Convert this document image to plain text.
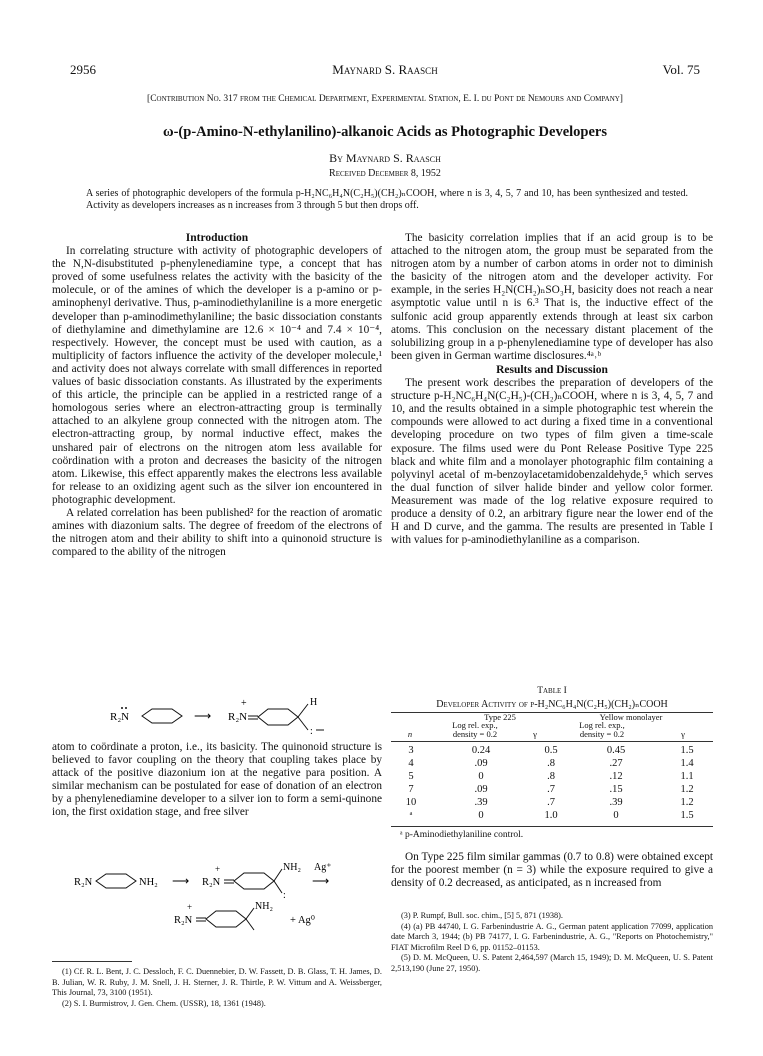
2956	Maynard S. Raasch	Vol. 75
[Contribution No. 317 from the Chemical Department, Experimental Station, E. I. du Pont de Nemours and Company]
ω-(p-Amino-N-ethylanilino)-alkanoic Acids as Photographic Developers
By Maynard S. Raasch
Received December 8, 1952
A series of photographic developers of the formula p-H₂NC₆H₄N(C₂H₅)(CH₂)ₙCOOH, where n is 3, 4, 5, 7 and 10, has been synthesized and tested. Activity as developers increases as n increases from 3 through 5 but then drops off.
Introduction

In correlating structure with activity of photographic developers of the N,N-disubstituted p-phenylenediamine type, a concept that has proved of some usefulness relates the activity with the basicity of the molecule, or of the amines of which the developer is a p-amino or p-aminophenyl derivative. Thus, p-aminodiethylaniline is a more energetic developer than p-aminodimethylaniline; the basic dissociation constants of diethylamine and dimethylamine are 12.6 × 10⁻⁴ and 7.4 × 10⁻⁴, respectively. However, the concept must be used with caution, as a multiplicity of factors influence the activity of the developer molecule,¹ and activity does not always correlate with small differences in reported values of basic dissociation constants. As illustrated by the experiments of this article, the principle can be applied in a restricted range of a homologous series where an electron-attracting group is terminally attached to an alkylene group connected with the nitrogen atom. The electron-attracting group, by normal inductive effect, makes the unshared pair of electrons on the nitrogen atom less available for coördination with a proton and decreases the basicity of the nitrogen atom. Likewise, this effect apparently makes the electrons less available for release to an oxidizing agent such as the silver ion encountered in photographic development.

A related correlation has been published² for the reaction of aromatic amines with diazonium salts. The degree of freedom of the electrons of the nitrogen atom and their ability to shift into a quinonoid structure is compared to the ability of the nitrogen

R₂N	⟶ R₂N
+	H
:

atom to coördinate a proton, i.e., its basicity. The quinonoid structure is believed to favor coupling on the theory that coupling takes place by attack of the positive diazonium ion at the negative para position. A similar mechanism can be postulated for ease of donation of an electron by a phenylenediamine developer to a silver ion to form a semi-quinone ion, the first oxidation stage, and free silver

R₂N	NH₂ ⟶ R₂N
+	NH₂
:
Ag⁺
⟶
R₂N
+	NH₂
+ Ag⁰

(1) Cf. R. L. Bent, J. C. Dessloch, F. C. Duennebier, D. W. Fassett, D. B. Glass, T. H. James, D. B. Julian, W. R. Ruby, J. M. Snell, J. H. Sterner, J. R. Thirtle, P. W. Vittum and A. Weissberger, This Journal, 73, 3100 (1951).

(2) S. I. Burmistrov, J. Gen. Chem. (USSR), 18, 1361 (1948).

The basicity correlation implies that if an acid group is to be attached to the nitrogen atom, the group must be separated from the nitrogen atom by a number of carbon atoms in order not to diminish the basicity of the nitrogen atom and the developer activity. For example, in the series H₂N(CH₂)ₙSO₃H, basicity does not reach a near asymptotic value until n is 6.³ That is, the inductive effect of the sulfonic acid group apparently extends through at least six carbon atoms. This conclusion on the necessary distant placement of the solubilizing group in a p-phenylenediamine type of developer has also been given in German wartime disclosures.⁴ᵃ˒ᵇ

Results and Discussion

The present work describes the preparation of developers of the structure p-H₂NC₆H₄N(C₂H₅)-(CH₂)ₙCOOH, where n is 3, 4, 5, 7 and 10, and the results obtained in a simple photographic test wherein the compounds were allowed to act during a fixed time in a conventional developing procedure on two types of film given a time-scale exposure. The films used were du Pont Release Positive Type 225 black and white film and a monolayer photographic film containing a polyvinyl acetal of m-benzoylacetamidobenzaldehyde,⁵ which serves the dual function of silver halide binder and yellow color former. Measurement was made of the log relative exposure required to produce a density of 0.2, an arbitrary figure near the lower end of the H and D curve, and the gamma. The results are presented in Table I with values for p-aminodiethylaniline as a comparison.

Table I
Developer Activity of p-H₂NC₆H₄N(C₂H₅)(CH₂)ₙCOOH
Type 225	Yellow monolayer
n
Log rel. exp., density = 0.2	γ
Log rel. exp., density = 0.2	γ
3	0.24	0.5	0.45	1.5
4	.09	.8	.27	1.4
5	0	.8	.12	1.1
7	.09	.7	.15	1.2
10	.39	.7	.39	1.2
ᵃ	0	1.0	0	1.5
ᵃ p-Aminodiethylaniline control.

On Type 225 film similar gammas (0.7 to 0.8) were obtained except for the poorest member (n = 3) while the exposure required to give a density of 0.2 decreased, as anticipated, as n increased from

(3) P. Rumpf, Bull. soc. chim., [5] 5, 871 (1938).

(4) (a) PB 44740, I. G. Farbenindustrie A. G., German patent application 77099, application date March 3, 1944; (b) PB 74177, I. G. Farbenindustrie, A. G., "Reports on Photochemistry," FIAT Microfilm Reel D 6, pp. 01152–01153.

(5) D. M. McQueen, U. S. Patent 2,464,597 (March 15, 1949); D. M. McQueen, U. S. Patent 2,513,190 (June 27, 1950).
